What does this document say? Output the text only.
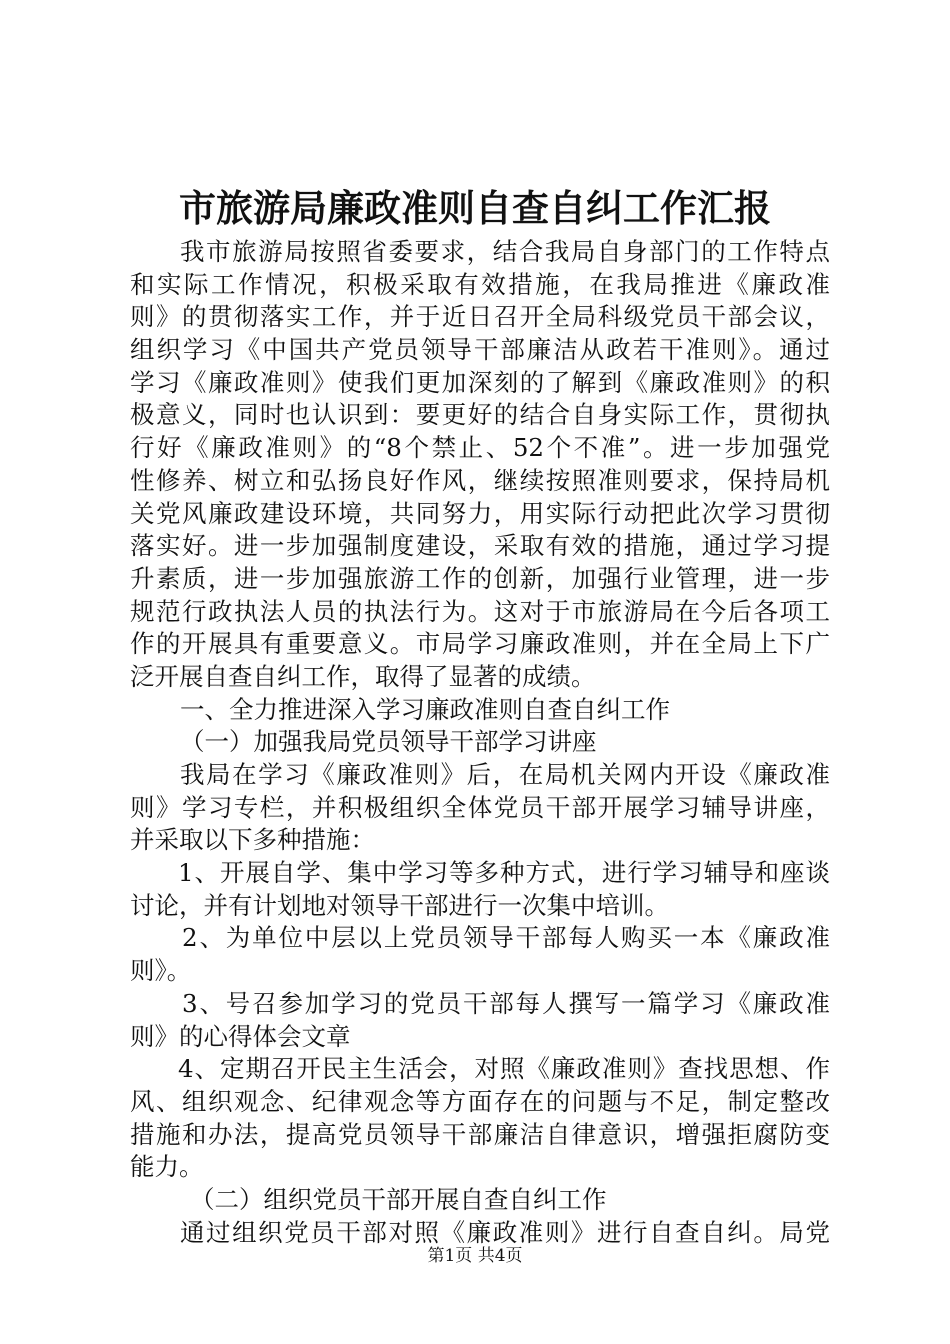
市旅游局廉政准则自查自纠工作汇报
我市旅游局按照省委要求，结合我局自身部门的工作特点
和实际工作情况，积极采取有效措施，在我局推进《廉政准
则》的贯彻落实工作，并于近日召开全局科级党员干部会议，
组织学习《中国共产党员领导干部廉洁从政若干准则》。通过
学习《廉政准则》使我们更加深刻的了解到《廉政准则》的积
极意义，同时也认识到：要更好的结合自身实际工作，贯彻执
行好《廉政准则》的“8个禁止、52个不准”。进一步加强党
性修养、树立和弘扬良好作风，继续按照准则要求，保持局机
关党风廉政建设环境，共同努力，用实际行动把此次学习贯彻
落实好。进一步加强制度建设，采取有效的措施，通过学习提
升素质，进一步加强旅游工作的创新，加强行业管理，进一步
规范行政执法人员的执法行为。这对于市旅游局在今后各项工
作的开展具有重要意义。市局学习廉政准则，并在全局上下广
泛开展自查自纠工作，取得了显著的成绩。
一、全力推进深入学习廉政准则自查自纠工作
（一）加强我局党员领导干部学习讲座
我局在学习《廉政准则》后，在局机关网内开设《廉政准
则》学习专栏，并积极组织全体党员干部开展学习辅导讲座，
并采取以下多种措施：
1、开展自学、集中学习等多种方式，进行学习辅导和座谈
讨论，并有计划地对领导干部进行一次集中培训。
2、为单位中层以上党员领导干部每人购买一本《廉政准
则》。
3、号召参加学习的党员干部每人撰写一篇学习《廉政准
则》的心得体会文章
4、定期召开民主生活会，对照《廉政准则》查找思想、作
风、组织观念、纪律观念等方面存在的问题与不足，制定整改
措施和办法，提高党员领导干部廉洁自律意识，增强拒腐防变
能力。
（二）组织党员干部开展自查自纠工作
通过组织党员干部对照《廉政准则》进行自查自纠。局党
第1页 共4页
